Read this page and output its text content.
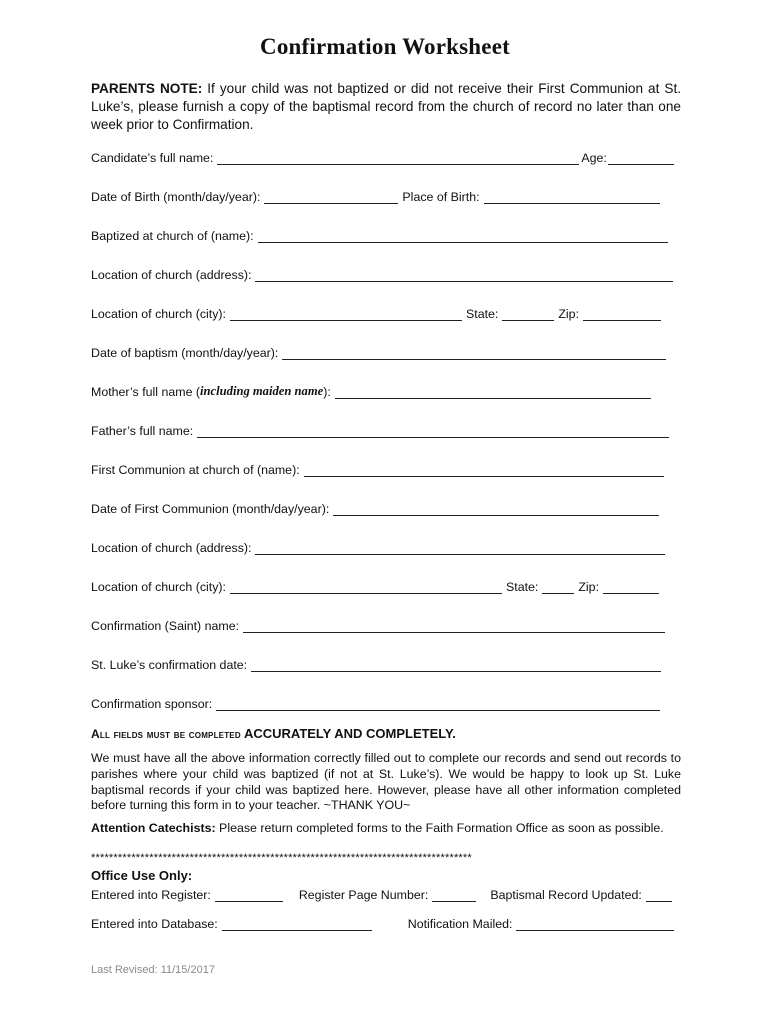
Confirmation Worksheet
PARENTS NOTE: If your child was not baptized or did not receive their First Communion at St. Luke’s, please furnish a copy of the baptismal record from the church of record no later than one week prior to Confirmation.
Candidate’s full name:	Age:
Date of Birth (month/day/year):	Place of Birth:
Baptized at church of (name):
Location of church (address):
Location of church (city):	State:	Zip:
Date of baptism (month/day/year):
Mother’s full name ( including maiden name ):
Father’s full name:
First Communion at church of (name):
Date of First Communion (month/day/year):
Location of church (address):
Location of church (city):	State:	Zip:
Confirmation (Saint) name:
St. Luke’s confirmation date:
Confirmation sponsor:
All fields must be completed ACCURATELY AND COMPLETELY.
We must have all the above information correctly filled out to complete our records and send out records to parishes where your child was baptized (if not at St. Luke’s). We would be happy to look up St. Luke baptismal records if your child was baptized here. However, please have all other information completed before turning this form in to your teacher. ~THANK YOU~
Attention Catechists: Please return completed forms to the Faith Formation Office as soon as possible.
*************************************************************************************
Office Use Only:
Entered into Register:	Register Page Number:	Baptismal Record Updated:
Entered into Database:	Notification Mailed:
Last Revised: 11/15/2017
